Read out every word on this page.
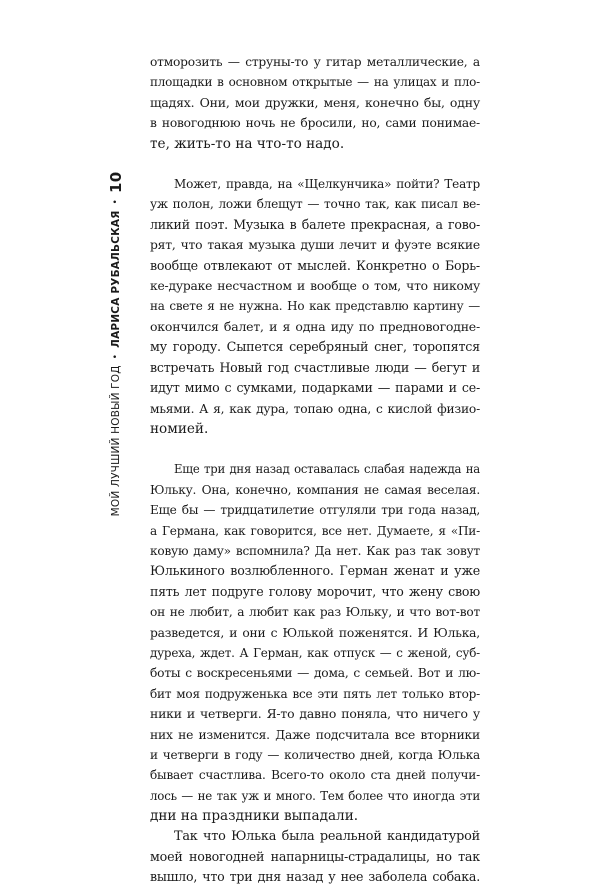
МОЙ ЛУЧШИЙ НОВЫЙ ГОД
•
ЛАРИСА РУБАЛЬСКАЯ
•
10

отморозить — струны-то у гитар металлические, а
площадки в основном открытые — на улицах и пло-
щадях. Они, мои дружки, меня, конечно бы, одну
в новогоднюю ночь не бросили, но, сами понимае-
те, жить-то на что-то надо.

Может, правда, на «Щелкунчика» пойти? Театр
уж полон, ложи блещут — точно так, как писал ве-
ликий поэт. Музыка в балете прекрасная, а гово-
рят, что такая музыка души лечит и фуэте всякие
вообще отвлекают от мыслей. Конкретно о Борь-
ке-дураке несчастном и вообще о том, что никому
на свете я не нужна. Но как представлю картину —
окончился балет, и я одна иду по предновогодне-
му городу. Сыпется серебряный снег, торопятся
встречать Новый год счастливые люди — бегут и
идут мимо с сумками, подарками — парами и се-
мьями. А я, как дура, топаю одна, с кислой физио-
номией.

Еще три дня назад оставалась слабая надежда на
Юльку. Она, конечно, компания не самая веселая.
Еще бы — тридцатилетие отгуляли три года назад,
а Германа, как говорится, все нет. Думаете, я «Пи-
ковую даму» вспомнила? Да нет. Как раз так зовут
Юлькиного возлюбленного. Герман женат и уже
пять лет подруге голову морочит, что жену свою
он не любит, а любит как раз Юльку, и что вот-вот
разведется, и они с Юлькой поженятся. И Юлька,
дуреха, ждет. А Герман, как отпуск — с женой, суб-
боты с воскресеньями — дома, с семьей. Вот и лю-
бит моя подруженька все эти пять лет только втор-
ники и четверги. Я-то давно поняла, что ничего у
них не изменится. Даже подсчитала все вторники
и четверги в году — количество дней, когда Юлька
бывает счастлива. Всего-то около ста дней получи-
лось — не так уж и много. Тем более что иногда эти
дни на праздники выпадали.

Так что Юлька была реальной кандидатурой
моей новогодней напарницы-страдалицы, но так
вышло, что три дня назад у нее заболела собака.
